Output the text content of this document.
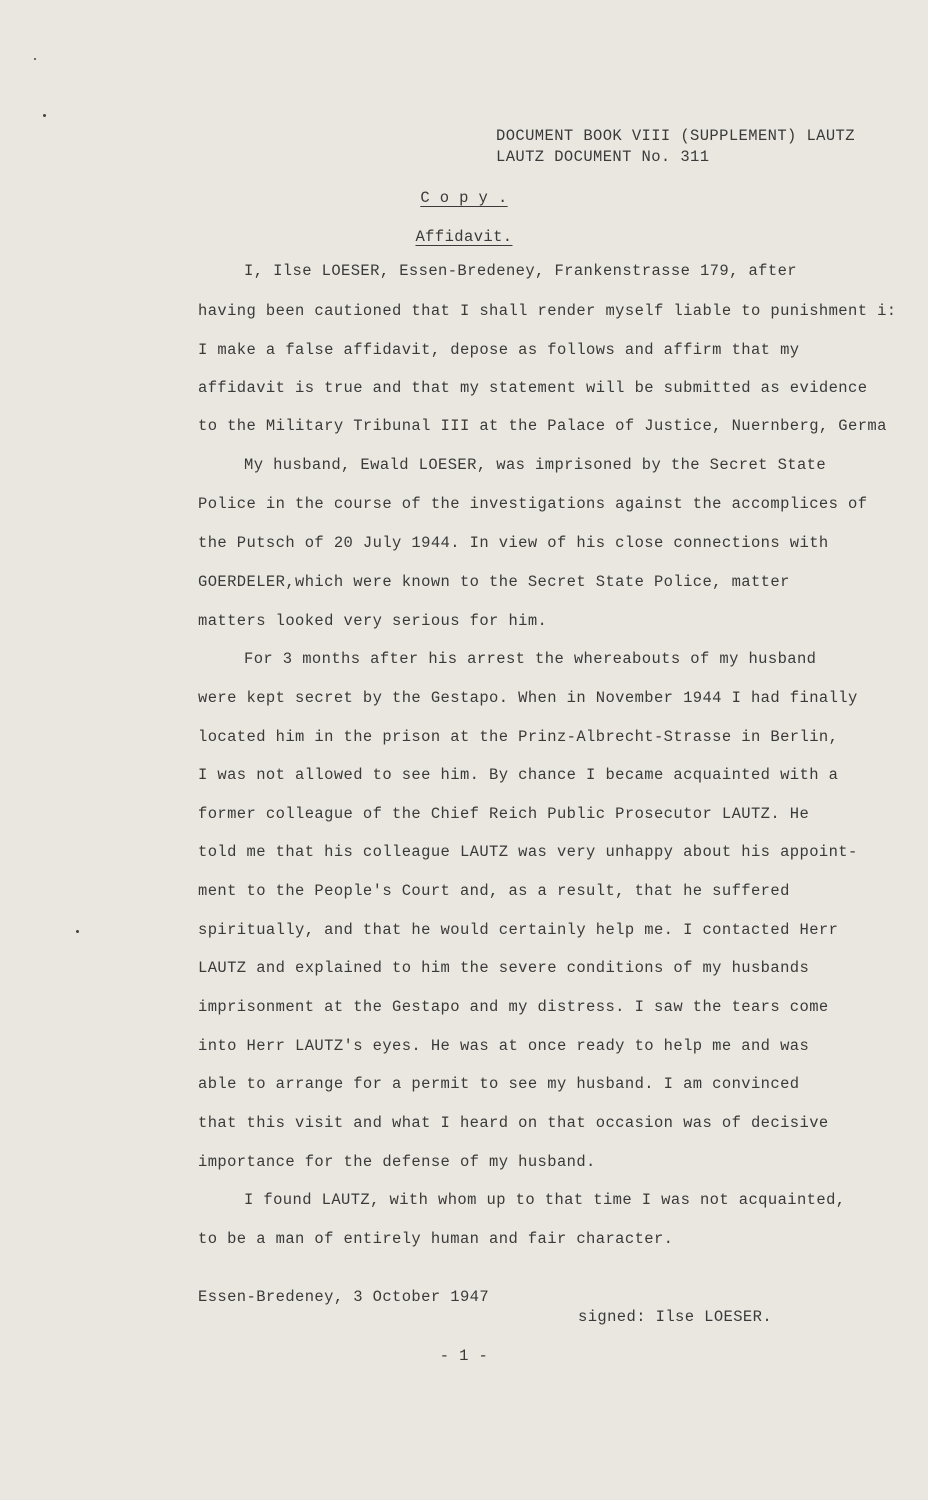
DOCUMENT BOOK VIII (SUPPLEMENT) LAUTZ
LAUTZ DOCUMENT No. 311
C o p y .
Affidavit.
I, Ilse LOESER, Essen-Bredeney, Frankenstrasse 179, after
having been cautioned that I shall render myself liable to punishment i:
I make a false affidavit, depose as follows and affirm that my
affidavit is true and that my statement will be submitted as evidence
to the Military Tribunal III at the Palace of Justice, Nuernberg, Germa
My husband, Ewald LOESER, was imprisoned by the Secret State
Police in the course of the investigations against the accomplices of
the Putsch of 20 July 1944. In view of his close connections with
GOERDELER,which were known to the Secret State Police, matter
matters looked very serious for him.
For 3 months after his arrest the whereabouts of my husband
were kept secret by the Gestapo. When in November 1944 I had finally
located him in the prison at the Prinz-Albrecht-Strasse in Berlin,
I was not allowed to see him. By chance I became acquainted with a
former colleague of the Chief Reich Public Prosecutor LAUTZ. He
told me that his colleague LAUTZ was very unhappy about his appoint-
ment to the People's Court and, as a result, that he suffered
spiritually, and that he would certainly help me. I contacted Herr
LAUTZ and explained to him the severe conditions of my husbands
imprisonment at the Gestapo and my distress. I saw the tears come
into Herr LAUTZ's eyes. He was at once ready to help me and was
able to arrange for a permit to see my husband. I am convinced
that this visit and what I heard on that occasion was of decisive
importance for the defense of my husband.
I found LAUTZ, with whom up to that time I was not acquainted,
to be a man of entirely human and fair character.
Essen-Bredeney, 3 October 1947
signed: Ilse LOESER.
- 1 -
